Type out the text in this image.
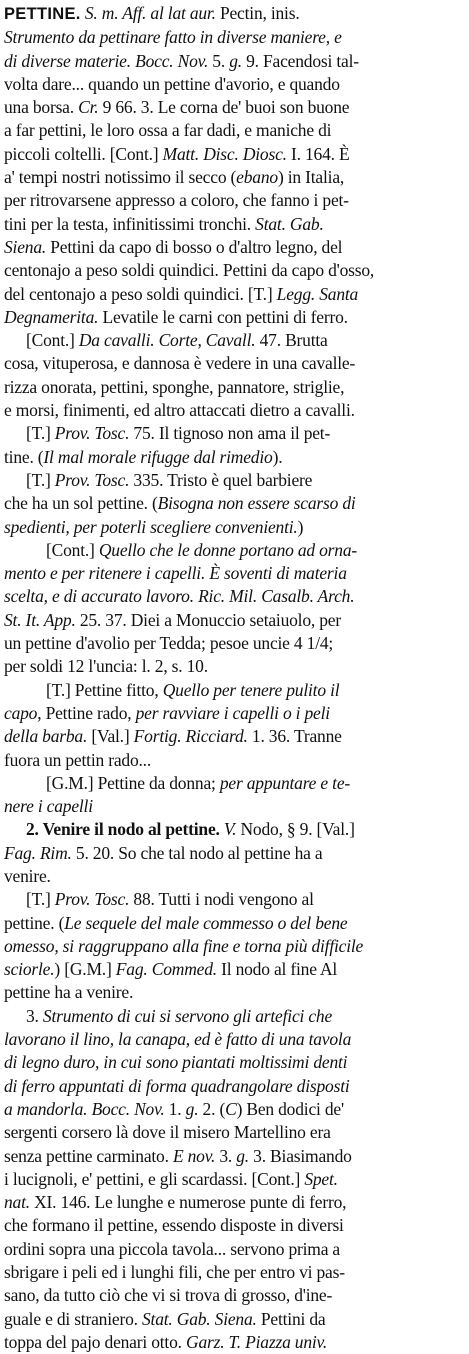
PETTINE. S. m. Aff. al lat aur. Pectin, inis.
Strumento da pettinare fatto in diverse maniere, e
di diverse materie. Bocc. Nov. 5. g. 9. Facendosi tal-
volta dare... quando un pettine d'avorio, e quando
una borsa. Cr. 9 66. 3. Le corna de' buoi son buone
a far pettini, le loro ossa a far dadi, e maniche di
piccoli coltelli. [Cont.] Matt. Disc. Diosc. I. 164. È
a' tempi nostri notissimo il secco (ebano) in Italia,
per ritrovarsene appresso a coloro, che fanno i pet-
tini per la testa, infinitissimi tronchi. Stat. Gab.
Siena. Pettini da capo di bosso o d'altro legno, del
centonajo a peso soldi quindici. Pettini da capo d'osso,
del centonajo a peso soldi quindici. [T.] Legg. Santa
Degnamerita. Levatile le carni con pettini di ferro.
[Cont.] Da cavalli. Corte, Cavall. 47. Brutta
cosa, vituperosa, e dannosa è vedere in una cavalle-
rizza onorata, pettini, sponghe, pannatore, striglie,
e morsi, finimenti, ed altro attaccati dietro a cavalli.
[T.] Prov. Tosc. 75. Il tignoso non ama il pet-
tine. (Il mal morale rifugge dal rimedio).
[T.] Prov. Tosc. 335. Tristo è quel barbiere
che ha un sol pettine. (Bisogna non essere scarso di
spedienti, per poterli scegliere convenienti.)
[Cont.] Quello che le donne portano ad orna-
mento e per ritenere i capelli. È soventi di materia
scelta, e di accurato lavoro. Ric. Mil. Casalb. Arch.
St. It. App. 25. 37. Diei a Monuccio setaiuolo, per
un pettine d'avolio per Tedda; pesoe uncie 4 1/4;
per soldi 12 l'uncia: l. 2, s. 10.
[T.] Pettine fitto, Quello per tenere pulito il
capo, Pettine rado, per ravviare i capelli o i peli
della barba. [Val.] Fortig. Ricciard. 1. 36. Tranne
fuora un pettin rado...
[G.M.] Pettine da donna; per appuntare e te-
nere i capelli
2. Venire il nodo al pettine. V. Nodo, § 9. [Val.]
Fag. Rim. 5. 20. So che tal nodo al pettine ha a
venire.
[T.] Prov. Tosc. 88. Tutti i nodi vengono al
pettine. (Le sequele del male commesso o del bene
omesso, si raggruppano alla fine e torna più difficile
sciorle.) [G.M.] Fag. Commed. Il nodo al fine Al
pettine ha a venire.
3. Strumento di cui si servono gli artefici che
lavorano il lino, la canapa, ed è fatto di una tavola
di legno duro, in cui sono piantati moltissimi denti
di ferro appuntati di forma quadrangolare disposti
a mandorla. Bocc. Nov. 1. g. 2. (C) Ben dodici de'
sergenti corsero là dove il misero Martellino era
senza pettine carminato. E nov. 3. g. 3. Biasimando
i lucignoli, e' pettini, e gli scardassi. [Cont.] Spet.
nat. XI. 146. Le lunghe e numerose punte di ferro,
che formano il pettine, essendo disposte in diversi
ordini sopra una piccola tavola... servono prima a
sbrigare i peli ed i lunghi fili, che per entro vi pas-
sano, da tutto ciò che vi si trova di grosso, d'ine-
guale e di straniero. Stat. Gab. Siena. Pettini da
toppa del pajo denari otto. Garz. T. Piazza univ.
